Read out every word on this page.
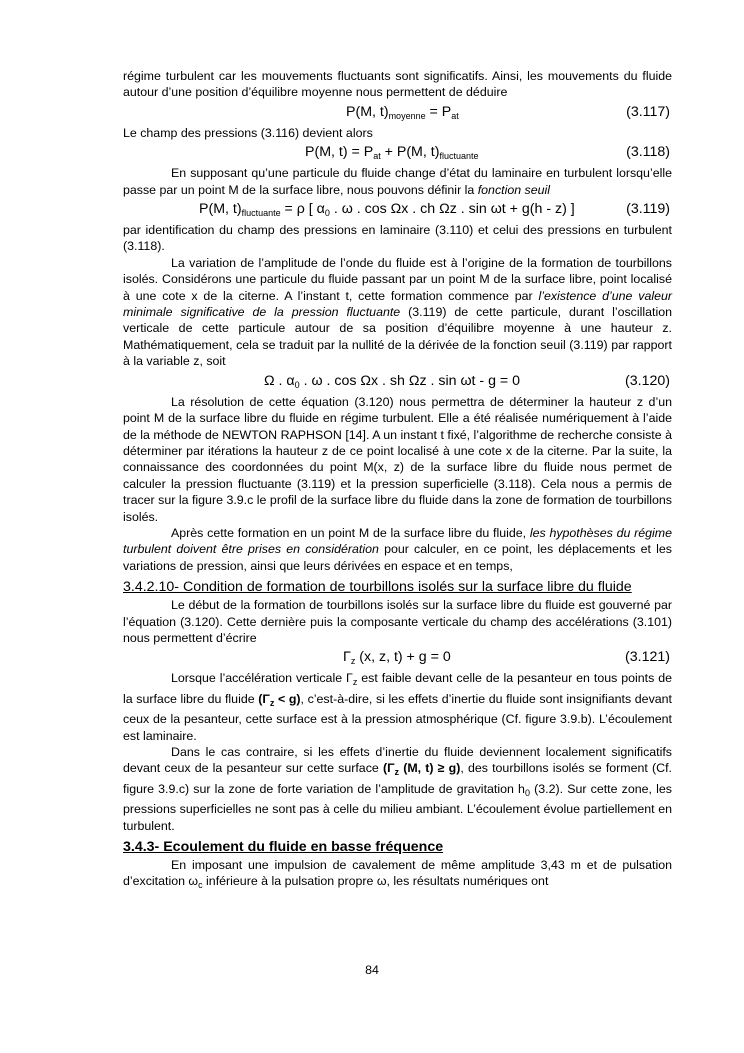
régime turbulent car les mouvements fluctuants sont significatifs. Ainsi, les mouvements du fluide autour d’une position d’équilibre moyenne nous permettent de déduire

P(M, $t)_{moyenne} = P_{at}$	(3.117)

Le champ des pressions (3.116) devient alors

P(M, $t) = P_{at} + P(M$, $t)_{fluctuante}$	(3.118)

En supposant qu’une particule du fluide change d’état du laminaire en turbulent lorsqu’elle passe par un point M de la surface libre, nous pouvons définir la fonction seuil

P(M, $t)_{fluctuante} = \rho$ [ $\alpha_0$ . ω . cos Ωx . ch Ωz . sin ωt + g(h - z) ]	(3.119)

par identification du champ des pressions en laminaire (3.110) et celui des pressions en turbulent (3.118).

La variation de l’amplitude de l’onde du fluide est à l’origine de la formation de tourbillons isolés. Considérons une particule du fluide passant par un point M de la surface libre, point localisé à une cote x de la citerne. A l’instant t, cette formation commence par l’existence d’une valeur minimale significative de la pression fluctuante (3.119) de cette particule, durant l’oscillation verticale de cette particule autour de sa position d’équilibre moyenne à une hauteur z. Mathématiquement, cela se traduit par la nullité de la dérivée de la fonction seuil (3.119) par rapport à la variable z, soit

Ω . $\alpha_0$ . ω . cos Ωx . sh Ωz . sin ωt - g = 0	(3.120)

La résolution de cette équation (3.120) nous permettra de déterminer la hauteur z d’un point M de la surface libre du fluide en régime turbulent. Elle a été réalisée numériquement à l’aide de la méthode de NEWTON RAPHSON [14]. A un instant t fixé, l’algorithme de recherche consiste à déterminer par itérations la hauteur z de ce point localisé à une cote x de la citerne. Par la suite, la connaissance des coordonnées du point M(x, z) de la surface libre du fluide nous permet de calculer la pression fluctuante (3.119) et la pression superficielle (3.118). Cela nous a permis de tracer sur la figure 3.9.c le profil de la surface libre du fluide dans la zone de formation de tourbillons isolés.

Après cette formation en un point M de la surface libre du fluide, les hypothèses du régime turbulent doivent être prises en considération pour calculer, en ce point, les déplacements et les variations de pression, ainsi que leurs dérivées en espace et en temps,

3.4.2.10- Condition de formation de tourbillons isolés sur la surface libre du fluide

Le début de la formation de tourbillons isolés sur la surface libre du fluide est gouverné par l’équation (3.120). Cette dernière puis la composante verticale du champ des accélérations (3.101) nous permettent d’écrire

$\Gamma_z$ (x, z, t) + g = 0	(3.121)

Lorsque l’accélération verticale $\Gamma_z$ est faible devant celle de la pesanteur en tous points de la surface libre du fluide $(\Gamma_z < g)$, c’est-à-dire, si les effets d’inertie du fluide sont insignifiants devant ceux de la pesanteur, cette surface est à la pression atmosphérique (Cf. figure 3.9.b). L’écoulement est laminaire.

Dans le cas contraire, si les effets d’inertie du fluide deviennent localement significatifs devant ceux de la pesanteur sur cette surface ($\Gamma_z$ (M, t) ≥ g), des tourbillons isolés se forment (Cf. figure 3.9.c) sur la zone de forte variation de l’amplitude de gravitation $h_0$ (3.2). Sur cette zone, les pressions superficielles ne sont pas à celle du milieu ambiant. L’écoulement évolue partiellement en turbulent.

3.4.3- Ecoulement du fluide en basse fréquence

En imposant une impulsion de cavalement de même amplitude 3,43 m et de pulsation d’excitation $\omega_c$ inférieure à la pulsation propre ω, les résultats numériques ont

84
